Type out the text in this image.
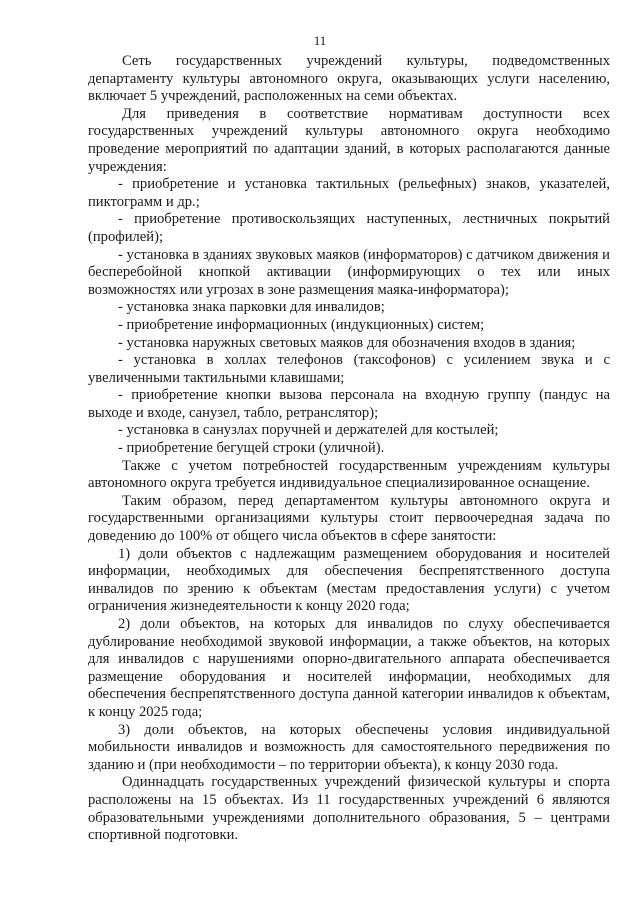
11

Сеть государственных учреждений культуры, подведомственных департаменту культуры автономного округа, оказывающих услуги населению, включает 5 учреждений, расположенных на семи объектах.

Для приведения в соответствие нормативам доступности всех государственных учреждений культуры автономного округа необходимо проведение мероприятий по адаптации зданий, в которых располагаются данные учреждения:

- приобретение и установка тактильных (рельефных) знаков, указателей, пиктограмм и др.;

- приобретение противоскользящих наступенных, лестничных покрытий (профилей);

- установка в зданиях звуковых маяков (информаторов) с датчиком движения и бесперебойной кнопкой активации (информирующих о тех или иных возможностях или угрозах в зоне размещения маяка-информатора);

- установка знака парковки для инвалидов;

- приобретение информационных (индукционных) систем;

- установка наружных световых маяков для обозначения входов в здания;

- установка в холлах телефонов (таксофонов) с усилением звука и с увеличенными тактильными клавишами;

- приобретение кнопки вызова персонала на входную группу (пандус на выходе и входе, санузел, табло, ретранслятор);

- установка в санузлах поручней и держателей для костылей;

- приобретение бегущей строки (уличной).

Также с учетом потребностей государственным учреждениям культуры автономного округа требуется индивидуальное специализированное оснащение.

Таким образом, перед департаментом культуры автономного округа и государственными организациями культуры стоит первоочередная задача по доведению до 100% от общего числа объектов в сфере занятости:

1) доли объектов с надлежащим размещением оборудования и носителей информации, необходимых для обеспечения беспрепятственного доступа инвалидов по зрению к объектам (местам предоставления услуги) с учетом ограничения жизнедеятельности к концу 2020 года;

2) доли объектов, на которых для инвалидов по слуху обеспечивается дублирование необходимой звуковой информации, а также объектов, на которых для инвалидов с нарушениями опорно-двигательного аппарата обеспечивается размещение оборудования и носителей информации, необходимых для обеспечения беспрепятственного доступа данной категории инвалидов к объектам, к концу 2025 года;

3) доли объектов, на которых обеспечены условия индивидуальной мобильности инвалидов и возможность для самостоятельного передвижения по зданию и (при необходимости – по территории объекта), к концу 2030 года.

Одиннадцать государственных учреждений физической культуры и спорта расположены на 15 объектах. Из 11 государственных учреждений 6 являются образовательными учреждениями дополнительного образования, 5 – центрами спортивной подготовки.
